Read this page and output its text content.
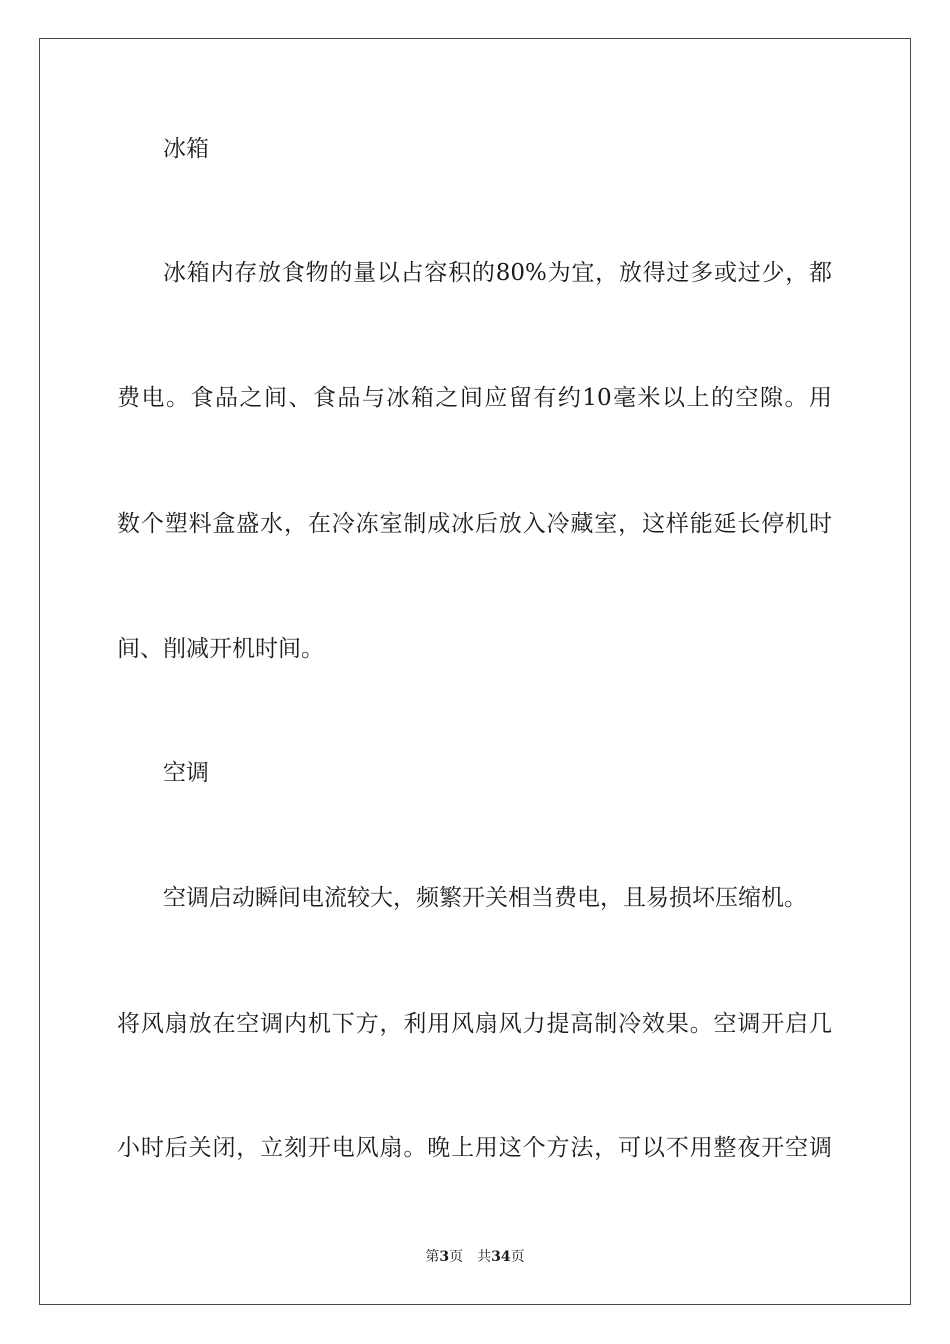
冰箱
冰箱内存放食物的量以占容积的80%为宜，放得过多或过少，都
费电。食品之间、食品与冰箱之间应留有约10毫米以上的空隙。用
数个塑料盒盛水，在冷冻室制成冰后放入冷藏室，这样能延长停机时
间、削减开机时间。
空调
空调启动瞬间电流较大，频繁开关相当费电，且易损坏压缩机。
将风扇放在空调内机下方，利用风扇风力提高制冷效果。空调开启几
小时后关闭，立刻开电风扇。晚上用这个方法，可以不用整夜开空调
第3页 共34页
